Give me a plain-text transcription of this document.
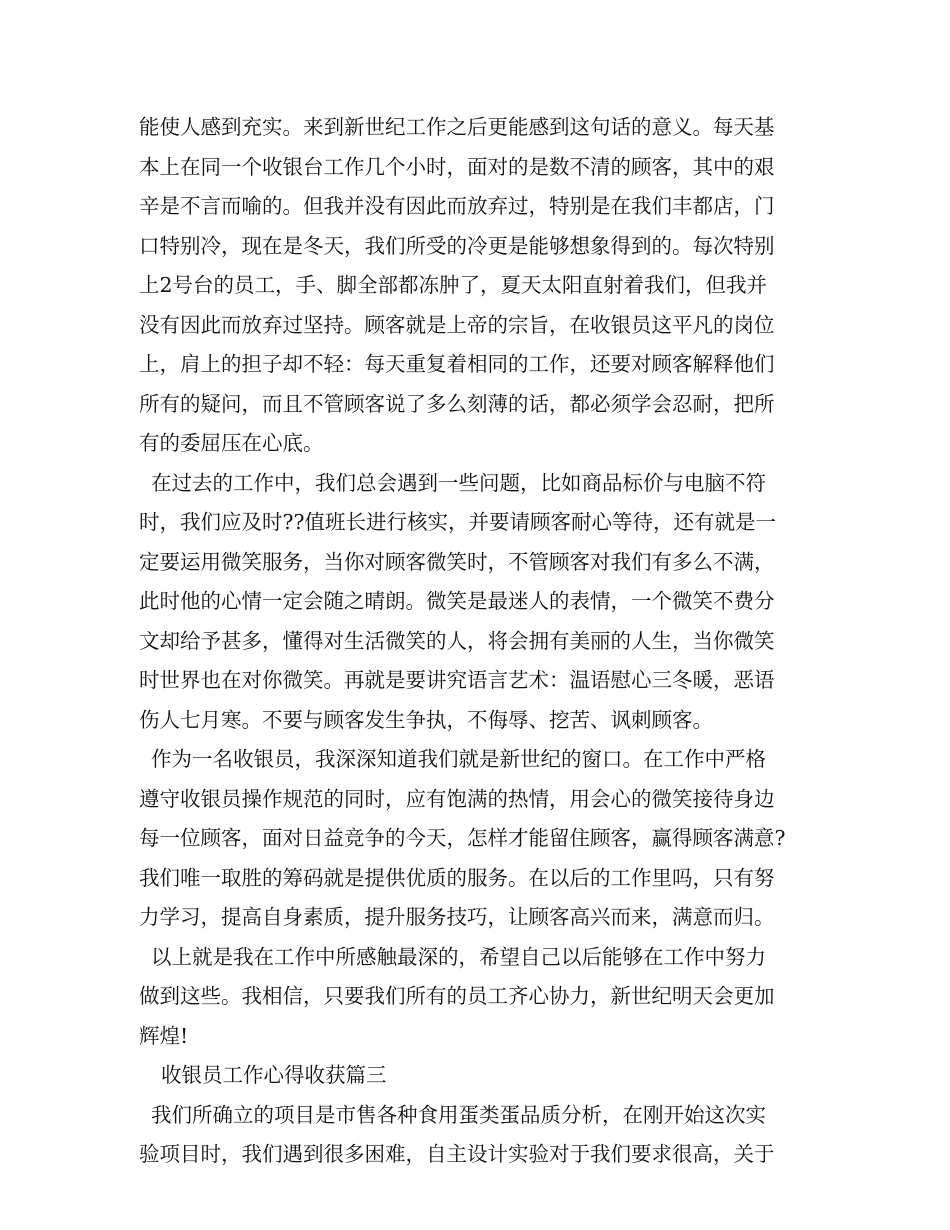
能使人感到充实。来到新世纪工作之后更能感到这句话的意义。每天基
本上在同一个收银台工作几个小时，面对的是数不清的顾客，其中的艰
辛是不言而喻的。但我并没有因此而放弃过，特别是在我们丰都店，门
口特别冷，现在是冬天，我们所受的冷更是能够想象得到的。每次特别
上2号台的员工，手、脚全部都冻肿了，夏天太阳直射着我们，但我并
没有因此而放弃过坚持。顾客就是上帝的宗旨，在收银员这平凡的岗位
上，肩上的担子却不轻：每天重复着相同的工作，还要对顾客解释他们
所有的疑问，而且不管顾客说了多么刻薄的话，都必须学会忍耐，把所
有的委屈压在心底。
在过去的工作中，我们总会遇到一些问题，比如商品标价与电脑不符
时，我们应及时??值班长进行核实，并要请顾客耐心等待，还有就是一
定要运用微笑服务，当你对顾客微笑时，不管顾客对我们有多么不满，
此时他的心情一定会随之晴朗。微笑是最迷人的表情，一个微笑不费分
文却给予甚多，懂得对生活微笑的人，将会拥有美丽的人生，当你微笑
时世界也在对你微笑。再就是要讲究语言艺术：温语慰心三冬暖，恶语
伤人七月寒。不要与顾客发生争执，不侮辱、挖苦、讽刺顾客。
作为一名收银员，我深深知道我们就是新世纪的窗口。在工作中严格
遵守收银员操作规范的同时，应有饱满的热情，用会心的微笑接待身边
每一位顾客，面对日益竞争的今天，怎样才能留住顾客，赢得顾客满意?
我们唯一取胜的筹码就是提供优质的服务。在以后的工作里吗，只有努
力学习，提高自身素质，提升服务技巧，让顾客高兴而来，满意而归。
以上就是我在工作中所感触最深的，希望自己以后能够在工作中努力
做到这些。我相信，只要我们所有的员工齐心协力，新世纪明天会更加
辉煌!
收银员工作心得收获篇三
我们所确立的项目是市售各种食用蛋类蛋品质分析，在刚开始这次实
验项目时，我们遇到很多困难，自主设计实验对于我们要求很高，关于
